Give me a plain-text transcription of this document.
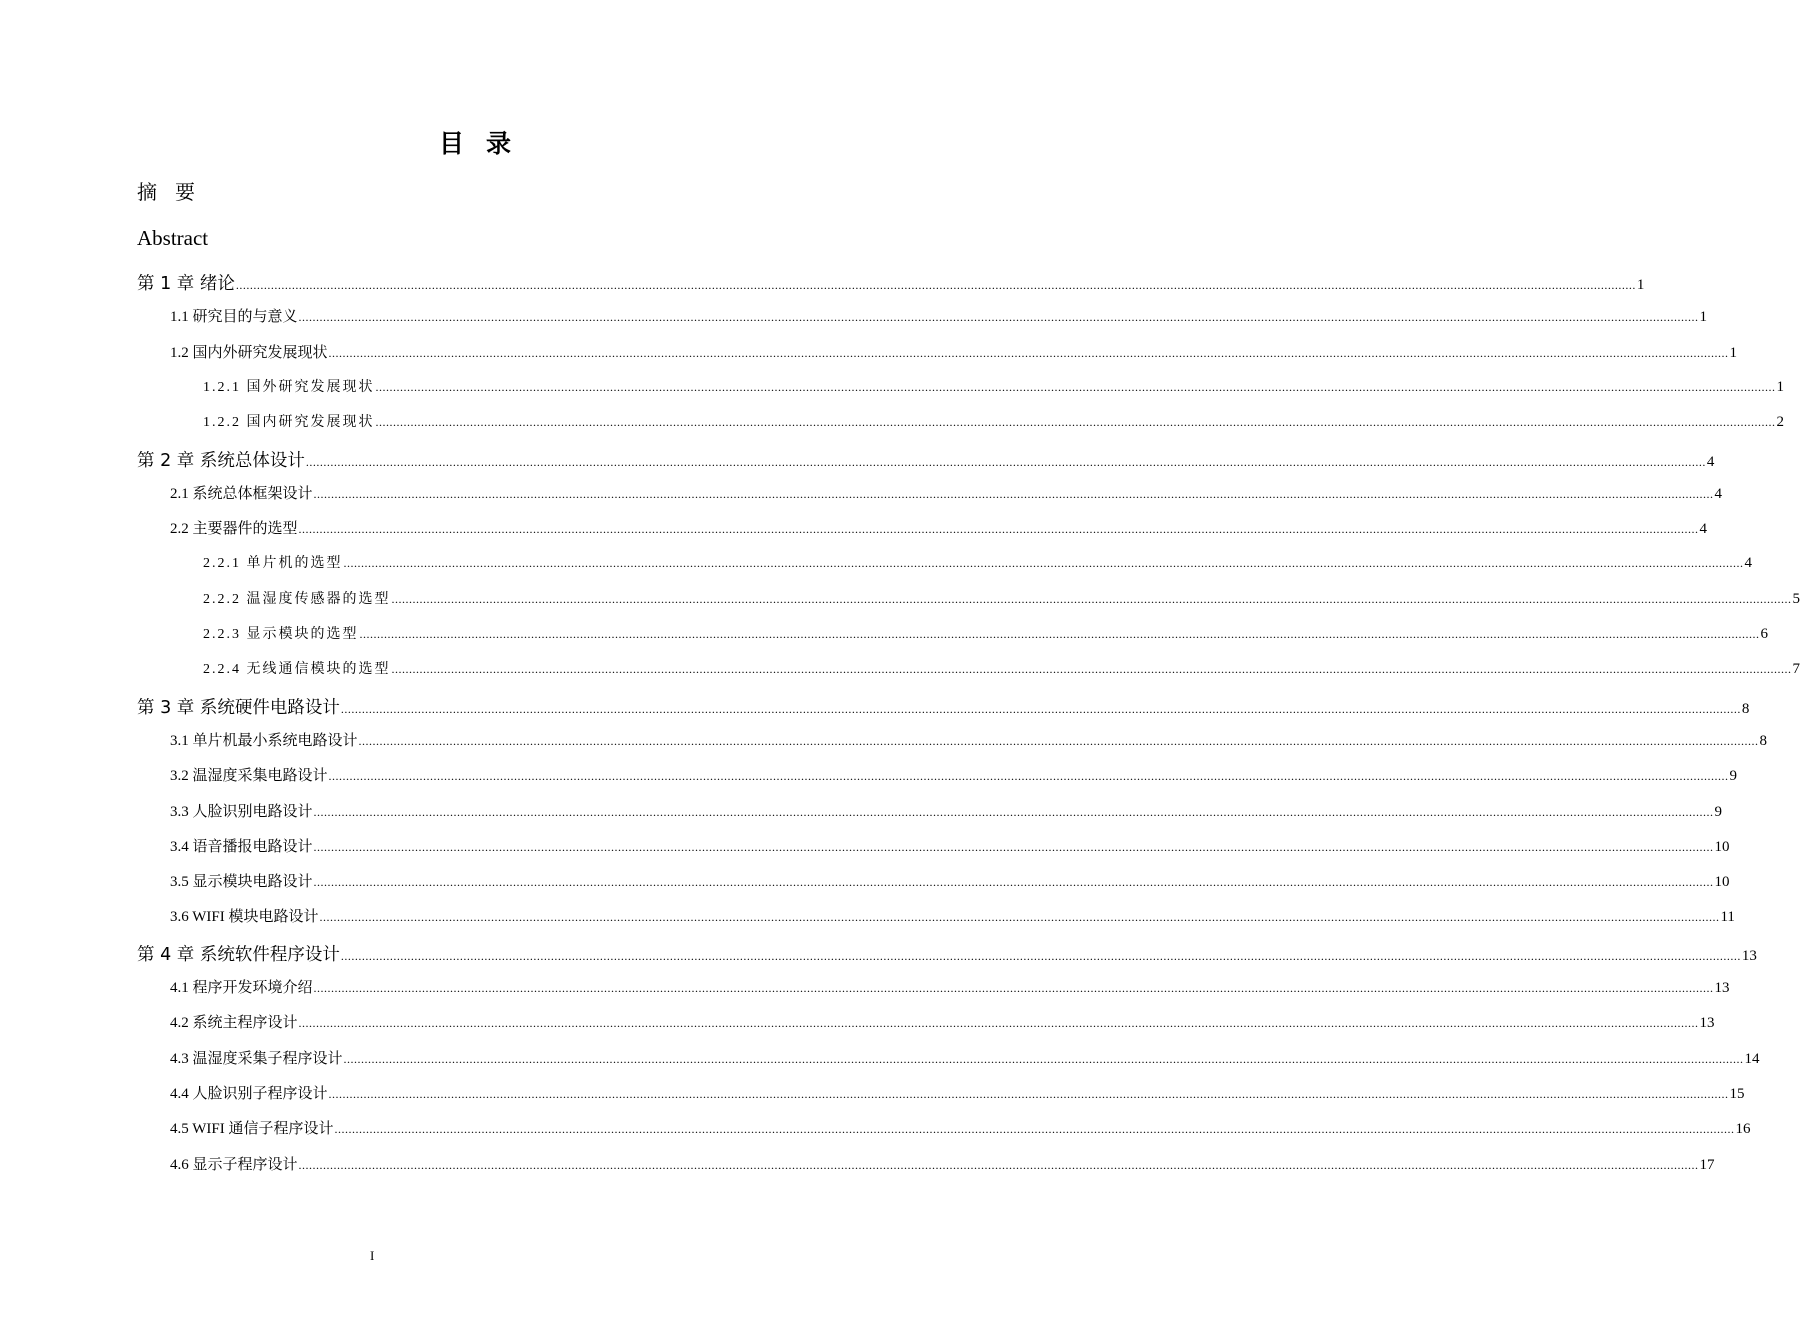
目录
摘要
Abstract
第 1 章 绪论 ................................................................................................................................................................................................................................................................................................................................................................................................................ 1
1.1 研究目的与意义 ................................................................................................................................................................................................................................................................................................................................................................................................................ 1
1.2 国内外研究发展现状 ................................................................................................................................................................................................................................................................................................................................................................................................................ 1
1.2.1 国外研究发展现状 ................................................................................................................................................................................................................................................................................................................................................................................................................ 1
1.2.2 国内研究发展现状 ................................................................................................................................................................................................................................................................................................................................................................................................................ 2
第 2 章 系统总体设计 ................................................................................................................................................................................................................................................................................................................................................................................................................ 4
2.1 系统总体框架设计 ................................................................................................................................................................................................................................................................................................................................................................................................................ 4
2.2 主要器件的选型 ................................................................................................................................................................................................................................................................................................................................................................................................................ 4
2.2.1 单片机的选型 ................................................................................................................................................................................................................................................................................................................................................................................................................ 4
2.2.2 温湿度传感器的选型 ................................................................................................................................................................................................................................................................................................................................................................................................................ 5
2.2.3 显示模块的选型 ................................................................................................................................................................................................................................................................................................................................................................................................................ 6
2.2.4 无线通信模块的选型 ................................................................................................................................................................................................................................................................................................................................................................................................................ 7
第 3 章 系统硬件电路设计 ................................................................................................................................................................................................................................................................................................................................................................................................................ 8
3.1 单片机最小系统电路设计 ................................................................................................................................................................................................................................................................................................................................................................................................................ 8
3.2 温湿度采集电路设计 ................................................................................................................................................................................................................................................................................................................................................................................................................ 9
3.3 人脸识别电路设计 ................................................................................................................................................................................................................................................................................................................................................................................................................ 9
3.4 语音播报电路设计 ................................................................................................................................................................................................................................................................................................................................................................................................................ 10
3.5 显示模块电路设计 ................................................................................................................................................................................................................................................................................................................................................................................................................ 10
3.6 WIFI 模块电路设计 ................................................................................................................................................................................................................................................................................................................................................................................................................ 11
第 4 章 系统软件程序设计 ................................................................................................................................................................................................................................................................................................................................................................................................................ 13
4.1 程序开发环境介绍 ................................................................................................................................................................................................................................................................................................................................................................................................................ 13
4.2 系统主程序设计 ................................................................................................................................................................................................................................................................................................................................................................................................................ 13
4.3 温湿度采集子程序设计 ................................................................................................................................................................................................................................................................................................................................................................................................................ 14
4.4 人脸识别子程序设计 ................................................................................................................................................................................................................................................................................................................................................................................................................ 15
4.5 WIFI 通信子程序设计 ................................................................................................................................................................................................................................................................................................................................................................................................................ 16
4.6 显示子程序设计 ................................................................................................................................................................................................................................................................................................................................................................................................................ 17
I
